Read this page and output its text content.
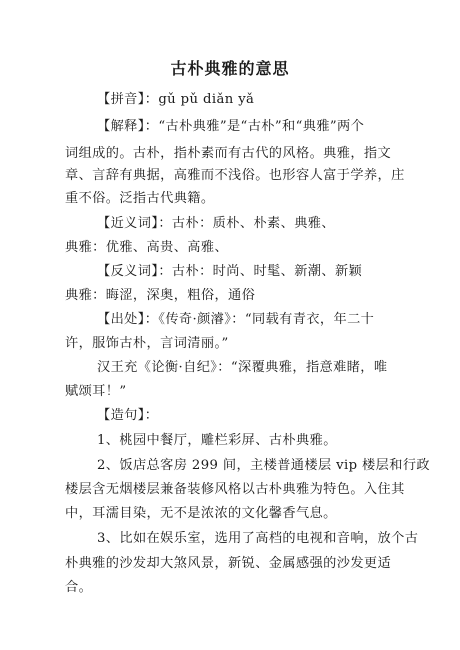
古朴典雅的意思
【拼音】：gǔ pǔ diǎn yǎ
【解释】：“古朴典雅”是“古朴”和“典雅”两个
词组成的。古朴，指朴素而有古代的风格。典雅，指文
章、言辞有典据，高雅而不浅俗。也形容人富于学养，庄
重不俗。泛指古代典籍。
【近义词】：古朴：质朴、朴素、典雅、
典雅：优雅、高贵、高雅、
【反义词】：古朴：时尚、时髦、新潮、新颖
典雅：晦涩，深奥，粗俗，通俗
【出处】：《传奇·颜濬》：“同载有青衣，年二十
许，服饰古朴，言词清丽。”
汉王充《论衡·自纪》：“深覆典雅，指意难睹，唯
赋颂耳！”
【造句】：
1、桃园中餐厅，雕栏彩屏、古朴典雅。
2、饭店总客房 299 间，主楼普通楼层 vip 楼层和行政
楼层含无烟楼层兼备装修风格以古朴典雅为特色。入住其
中，耳濡目染，无不是浓浓的文化馨香气息。
3、比如在娱乐室，选用了高档的电视和音响，放个古
朴典雅的沙发却大煞风景，新锐、金属感强的沙发更适
合。
